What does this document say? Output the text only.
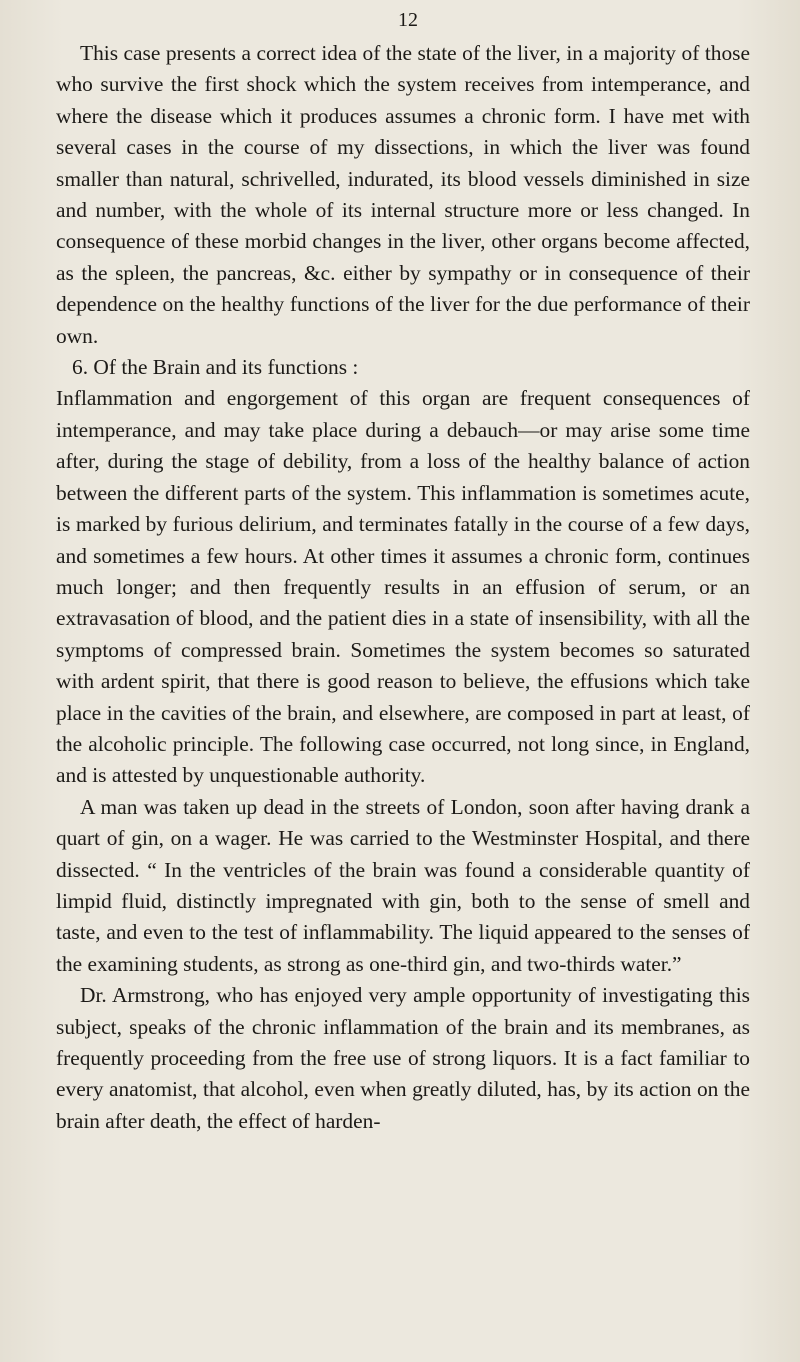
12

This case presents a correct idea of the state of the liver, in a majority of those who survive the first shock which the system receives from intemperance, and where the disease which it produces assumes a chronic form. I have met with several cases in the course of my dissections, in which the liver was found smaller than natural, schrivelled, indurated, its blood vessels diminished in size and number, with the whole of its internal structure more or less changed. In consequence of these morbid changes in the liver, other organs become affected, as the spleen, the pancreas, &c. either by sympathy or in consequence of their dependence on the healthy functions of the liver for the due performance of their own.

6. Of the Brain and its functions :

Inflammation and engorgement of this organ are frequent consequences of intemperance, and may take place during a debauch—or may arise some time after, during the stage of debility, from a loss of the healthy balance of action between the different parts of the system. This inflammation is sometimes acute, is marked by furious delirium, and terminates fatally in the course of a few days, and sometimes a few hours. At other times it assumes a chronic form, continues much longer; and then frequently results in an effusion of serum, or an extravasation of blood, and the patient dies in a state of insensibility, with all the symptoms of compressed brain. Sometimes the system becomes so saturated with ardent spirit, that there is good reason to believe, the effusions which take place in the cavities of the brain, and elsewhere, are composed in part at least, of the alcoholic principle. The following case occurred, not long since, in England, and is attested by unquestionable authority.

A man was taken up dead in the streets of London, soon after having drank a quart of gin, on a wager. He was carried to the Westminster Hospital, and there dissected. “ In the ventricles of the brain was found a considerable quantity of limpid fluid, distinctly impregnated with gin, both to the sense of smell and taste, and even to the test of inflammability. The liquid appeared to the senses of the examining students, as strong as one-third gin, and two-thirds water.”

Dr. Armstrong, who has enjoyed very ample opportunity of investigating this subject, speaks of the chronic inflammation of the brain and its membranes, as frequently proceeding from the free use of strong liquors. It is a fact familiar to every anatomist, that alcohol, even when greatly diluted, has, by its action on the brain after death, the effect of harden-
